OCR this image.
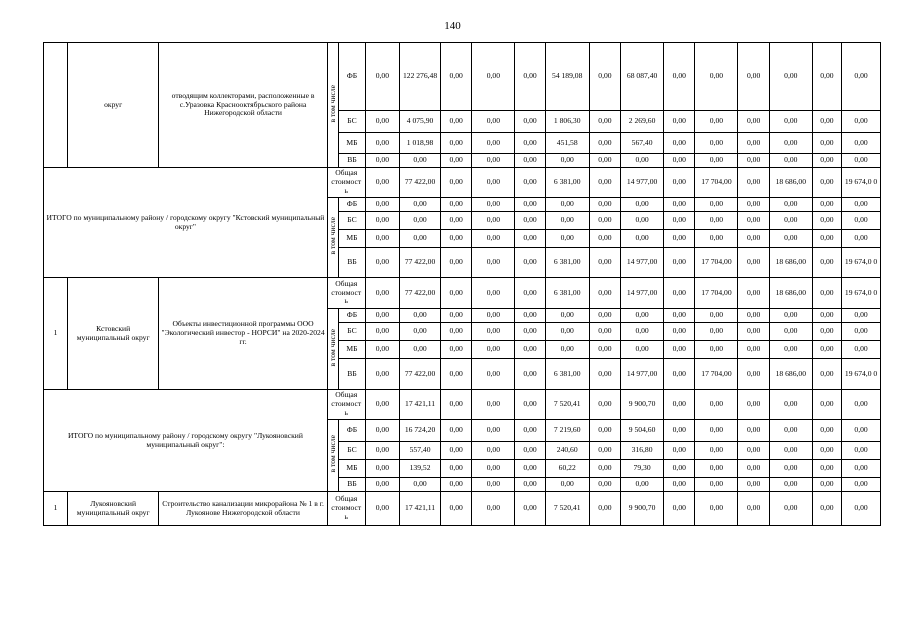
140
	округ	отводящим коллекторами, расположенные в с.Уразовка Краснооктябрьского района Нижегородской области	в том числе	ФБ	0,00	122 276,48	0,00	0,00	0,00	54 189,08	0,00	68 087,40	0,00	0,00	0,00	0,00	0,00	0,00
				БС	0,00	4 075,90	0,00	0,00	0,00	1 806,30	0,00	2 269,60	0,00	0,00	0,00	0,00	0,00	0,00
				МБ	0,00	1 018,98	0,00	0,00	0,00	451,58	0,00	567,40	0,00	0,00	0,00	0,00	0,00	0,00
				ВБ	0,00	0,00	0,00	0,00	0,00	0,00	0,00	0,00	0,00	0,00	0,00	0,00	0,00	0,00
ИТОГО по муниципальному району / городскому округу "Кстовский муниципальный округ"			Общая стоимост ь		0,00	77 422,00	0,00	0,00	0,00	6 381,00	0,00	14 977,00	0,00	17 704,00	0,00	18 686,00	0,00	19 674,0 0
			в том числе	ФБ	0,00	0,00	0,00	0,00	0,00	0,00	0,00	0,00	0,00	0,00	0,00	0,00	0,00	0,00
				БС	0,00	0,00	0,00	0,00	0,00	0,00	0,00	0,00	0,00	0,00	0,00	0,00	0,00	0,00
				МБ	0,00	0,00	0,00	0,00	0,00	0,00	0,00	0,00	0,00	0,00	0,00	0,00	0,00	0,00
				ВБ	0,00	77 422,00	0,00	0,00	0,00	6 381,00	0,00	14 977,00	0,00	17 704,00	0,00	18 686,00	0,00	19 674,0 0
1	Кстовский муниципальный округ	Объекты инвестиционной программы ООО "Экологический инвестор - НОРСИ" на 2020-2024 гг.	Общая стоимост ь		0,00	77 422,00	0,00	0,00	0,00	6 381,00	0,00	14 977,00	0,00	17 704,00	0,00	18 686,00	0,00	19 674,0 0
			в том числе	ФБ	0,00	0,00	0,00	0,00	0,00	0,00	0,00	0,00	0,00	0,00	0,00	0,00	0,00	0,00
				БС	0,00	0,00	0,00	0,00	0,00	0,00	0,00	0,00	0,00	0,00	0,00	0,00	0,00	0,00
				МБ	0,00	0,00	0,00	0,00	0,00	0,00	0,00	0,00	0,00	0,00	0,00	0,00	0,00	0,00
				ВБ	0,00	77 422,00	0,00	0,00	0,00	6 381,00	0,00	14 977,00	0,00	17 704,00	0,00	18 686,00	0,00	19 674,0 0
ИТОГО по муниципальному району / городскому округу "Лукояновский муниципальный округ":			Общая стоимост ь		0,00	17 421,11	0,00	0,00	0,00	7 520,41	0,00	9 900,70	0,00	0,00	0,00	0,00	0,00	0,00
			в том числе	ФБ	0,00	16 724,20	0,00	0,00	0,00	7 219,60	0,00	9 504,60	0,00	0,00	0,00	0,00	0,00	0,00
				БС	0,00	557,40	0,00	0,00	0,00	240,60	0,00	316,80	0,00	0,00	0,00	0,00	0,00	0,00
				МБ	0,00	139,52	0,00	0,00	0,00	60,22	0,00	79,30	0,00	0,00	0,00	0,00	0,00	0,00
				ВБ	0,00	0,00	0,00	0,00	0,00	0,00	0,00	0,00	0,00	0,00	0,00	0,00	0,00	0,00
1	Лукояновский муниципальный округ	Строительство канализации микрорайона № 1 в г. Лукоянове Нижегородской области	Общая стоимост ь		0,00	17 421,11	0,00	0,00	0,00	7 520,41	0,00	9 900,70	0,00	0,00	0,00	0,00	0,00	0,00
